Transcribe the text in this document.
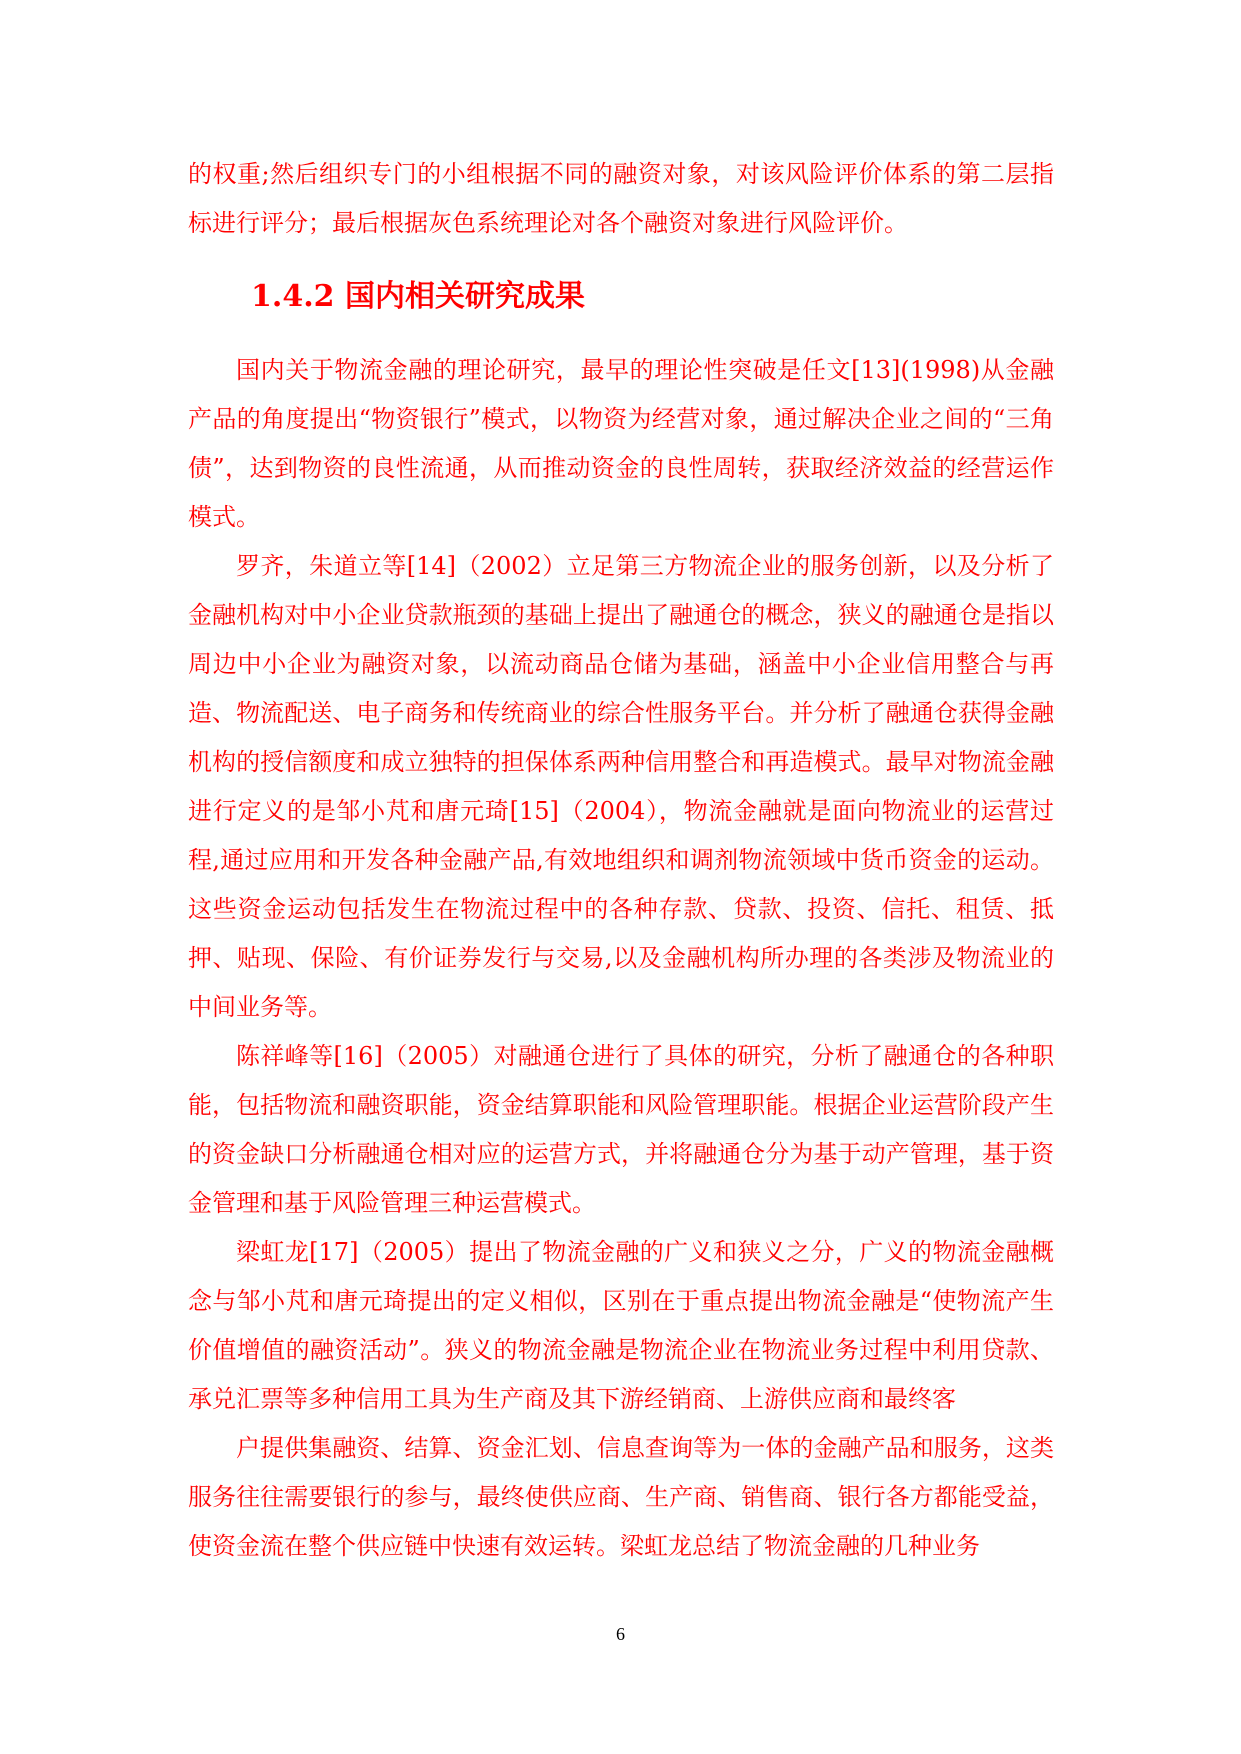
的权重;然后组织专门的小组根据不同的融资对象，对该风险评价体系的第二层指标进行评分；最后根据灰色系统理论对各个融资对象进行风险评价。

1.4.2 国内相关研究成果

国内关于物流金融的理论研究，最早的理论性突破是任文[13](1998)从金融产品的角度提出“物资银行”模式，以物资为经营对象，通过解决企业之间的“三角债”，达到物资的良性流通，从而推动资金的良性周转，获取经济效益的经营运作模式。

罗齐，朱道立等[14]（2002）立足第三方物流企业的服务创新，以及分析了金融机构对中小企业贷款瓶颈的基础上提出了融通仓的概念，狭义的融通仓是指以周边中小企业为融资对象，以流动商品仓储为基础，涵盖中小企业信用整合与再造、物流配送、电子商务和传统商业的综合性服务平台。并分析了融通仓获得金融机构的授信额度和成立独特的担保体系两种信用整合和再造模式。最早对物流金融进行定义的是邹小芃和唐元琦[15]（2004），物流金融就是面向物流业的运营过程,通过应用和开发各种金融产品,有效地组织和调剂物流领域中货币资金的运动。这些资金运动包括发生在物流过程中的各种存款、贷款、投资、信托、租赁、抵押、贴现、保险、有价证券发行与交易,以及金融机构所办理的各类涉及物流业的中间业务等。

陈祥峰等[16]（2005）对融通仓进行了具体的研究，分析了融通仓的各种职能，包括物流和融资职能，资金结算职能和风险管理职能。根据企业运营阶段产生的资金缺口分析融通仓相对应的运营方式，并将融通仓分为基于动产管理，基于资金管理和基于风险管理三种运营模式。

梁虹龙[17]（2005）提出了物流金融的广义和狭义之分，广义的物流金融概念与邹小芃和唐元琦提出的定义相似，区别在于重点提出物流金融是“使物流产生价值增值的融资活动”。狭义的物流金融是物流企业在物流业务过程中利用贷款、承兑汇票等多种信用工具为生产商及其下游经销商、上游供应商和最终客

户提供集融资、结算、资金汇划、信息查询等为一体的金融产品和服务，这类服务往往需要银行的参与，最终使供应商、生产商、销售商、银行各方都能受益，使资金流在整个供应链中快速有效运转。梁虹龙总结了物流金融的几种业务

6
